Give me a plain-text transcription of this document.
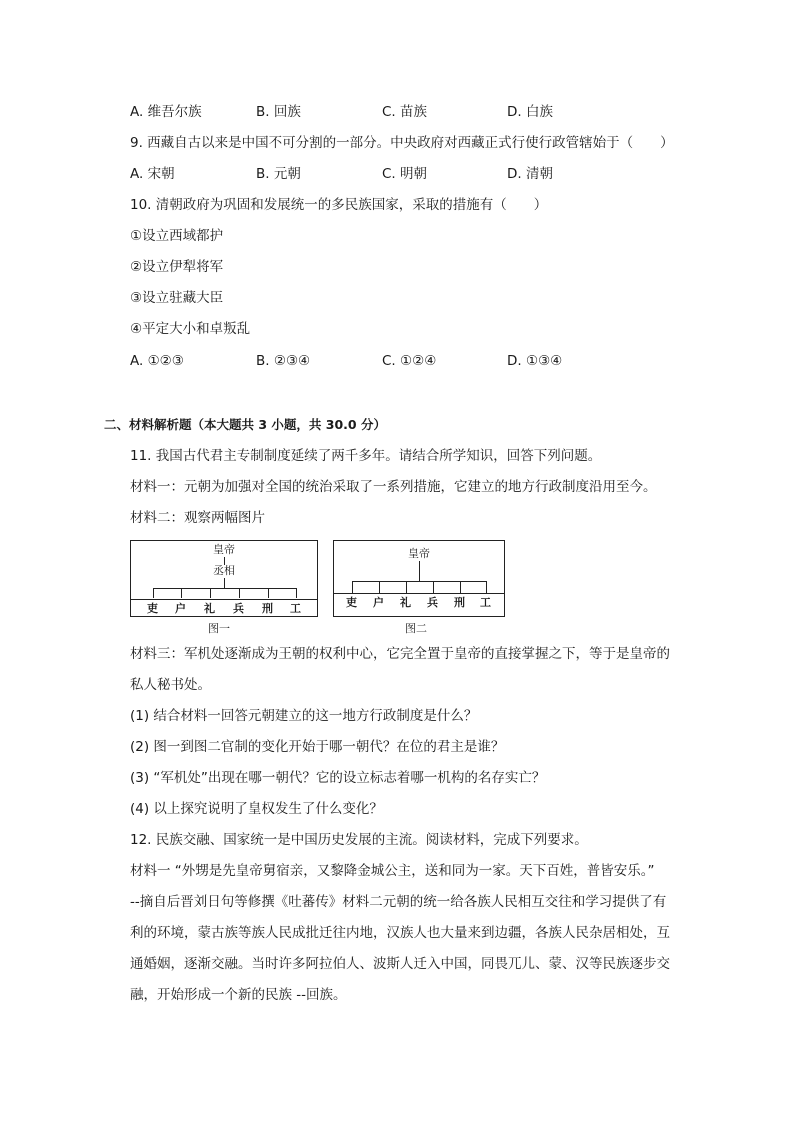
A. 维吾尔族	B. 回族	C. 苗族	D. 白族
9. 西藏自古以来是中国不可分割的一部分。中央政府对西藏正式行使行政管辖始于（　　）
A. 宋朝	B. 元朝	C. 明朝	D. 清朝
10. 清朝政府为巩固和发展统一的多民族国家，采取的措施有（　　）
①设立西域都护
②设立伊犁将军
③设立驻藏大臣
④平定大小和卓叛乱
A. ①②③	B. ②③④	C. ①②④	D. ①③④
二、材料解析题（本大题共 3 小题，共 30.0 分）
11. 我国古代君主专制制度延续了两千多年。请结合所学知识，回答下列问题。
材料一：元朝为加强对全国的统治采取了一系列措施，它建立的地方行政制度沿用至今。
材料二：观察两幅图片
皇帝
丞相
吏 户 礼 兵 刑 工
图一
皇帝
吏 户 礼 兵 刑 工
图二
材料三：军机处逐渐成为王朝的权利中心，它完全置于皇帝的直接掌握之下，等于是皇帝的
私人秘书处。
(1) 结合材料一回答元朝建立的这一地方行政制度是什么？
(2) 图一到图二官制的变化开始于哪一朝代？在位的君主是谁？
(3) “军机处”出现在哪一朝代？它的设立标志着哪一机构的名存实亡？
(4) 以上探究说明了皇权发生了什么变化？
12. 民族交融、国家统一是中国历史发展的主流。阅读材料，完成下列要求。
材料一 “外甥是先皇帝舅宿亲，又黎降金城公主，送和同为一家。天下百姓，普皆安乐。”
--摘自后晋刘日句等修撰《吐蕃传》材料二元朝的统一给各族人民相互交往和学习提供了有
利的环境，蒙古族等族人民成批迁往内地，汉族人也大量来到边疆，各族人民杂居相处，互
通婚姻，逐渐交融。当时许多阿拉伯人、波斯人迁入中国，同畏兀儿、蒙、汉等民族逐步交
融，开始形成一个新的民族 --回族。
